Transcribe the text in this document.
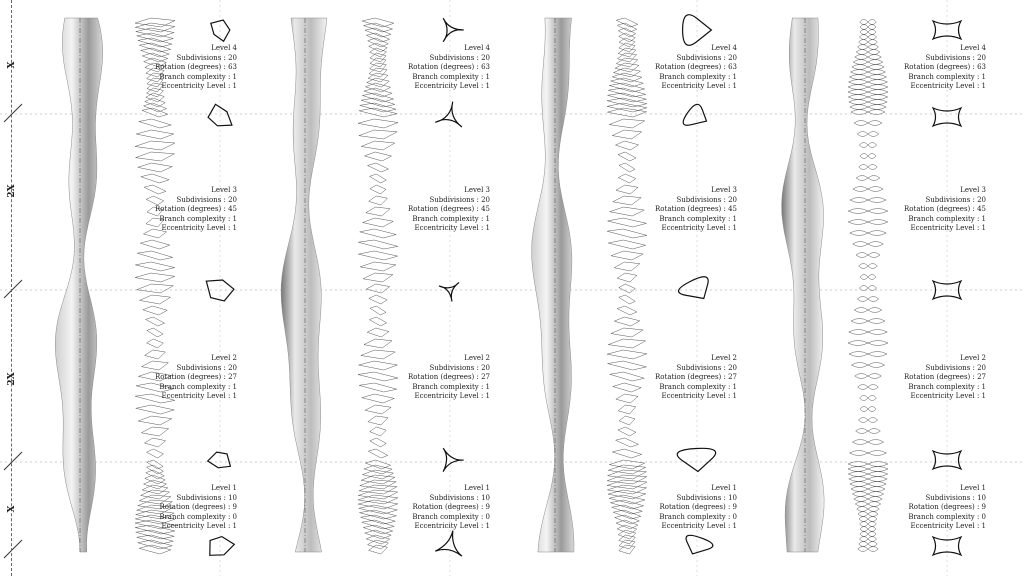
X
2X
2X
X
Level 4
Subdivisions : 20
Rotation (degrees) : 63
Branch complexity : 1
Eccentricity Level : 1
Level 3
Subdivisions : 20
Rotation (degrees) : 45
Branch complexity : 1
Eccentricity Level : 1
Level 2
Subdivisions : 20
Rotation (degrees) : 27
Branch complexity : 1
Eccentricity Level : 1
Level 1
Subdivisions : 10
Rotation (degrees) : 9
Branch complexity : 0
Eccentricity Level : 1
Level 4
Subdivisions : 20
Rotation (degrees) : 63
Branch complexity : 1
Eccentricity Level : 1
Level 3
Subdivisions : 20
Rotation (degrees) : 45
Branch complexity : 1
Eccentricity Level : 1
Level 2
Subdivisions : 20
Rotation (degrees) : 27
Branch complexity : 1
Eccentricity Level : 1
Level 1
Subdivisions : 10
Rotation (degrees) : 9
Branch complexity : 0
Eccentricity Level : 1
Level 4
Subdivisions : 20
Rotation (degrees) : 63
Branch complexity : 1
Eccentricity Level : 1
Level 3
Subdivisions : 20
Rotation (degrees) : 45
Branch complexity : 1
Eccentricity Level : 1
Level 2
Subdivisions : 20
Rotation (degrees) : 27
Branch complexity : 1
Eccentricity Level : 1
Level 1
Subdivisions : 10
Rotation (degrees) : 9
Branch complexity : 0
Eccentricity Level : 1
Level 4
Subdivisions : 20
Rotation (degrees) : 63
Branch complexity : 1
Eccentricity Level : 1
Level 3
Subdivisions : 20
Rotation (degrees) : 45
Branch complexity : 1
Eccentricity Level : 1
Level 2
Subdivisions : 20
Rotation (degrees) : 27
Branch complexity : 1
Eccentricity Level : 1
Level 1
Subdivisions : 10
Rotation (degrees) : 9
Branch complexity : 0
Eccentricity Level : 1
